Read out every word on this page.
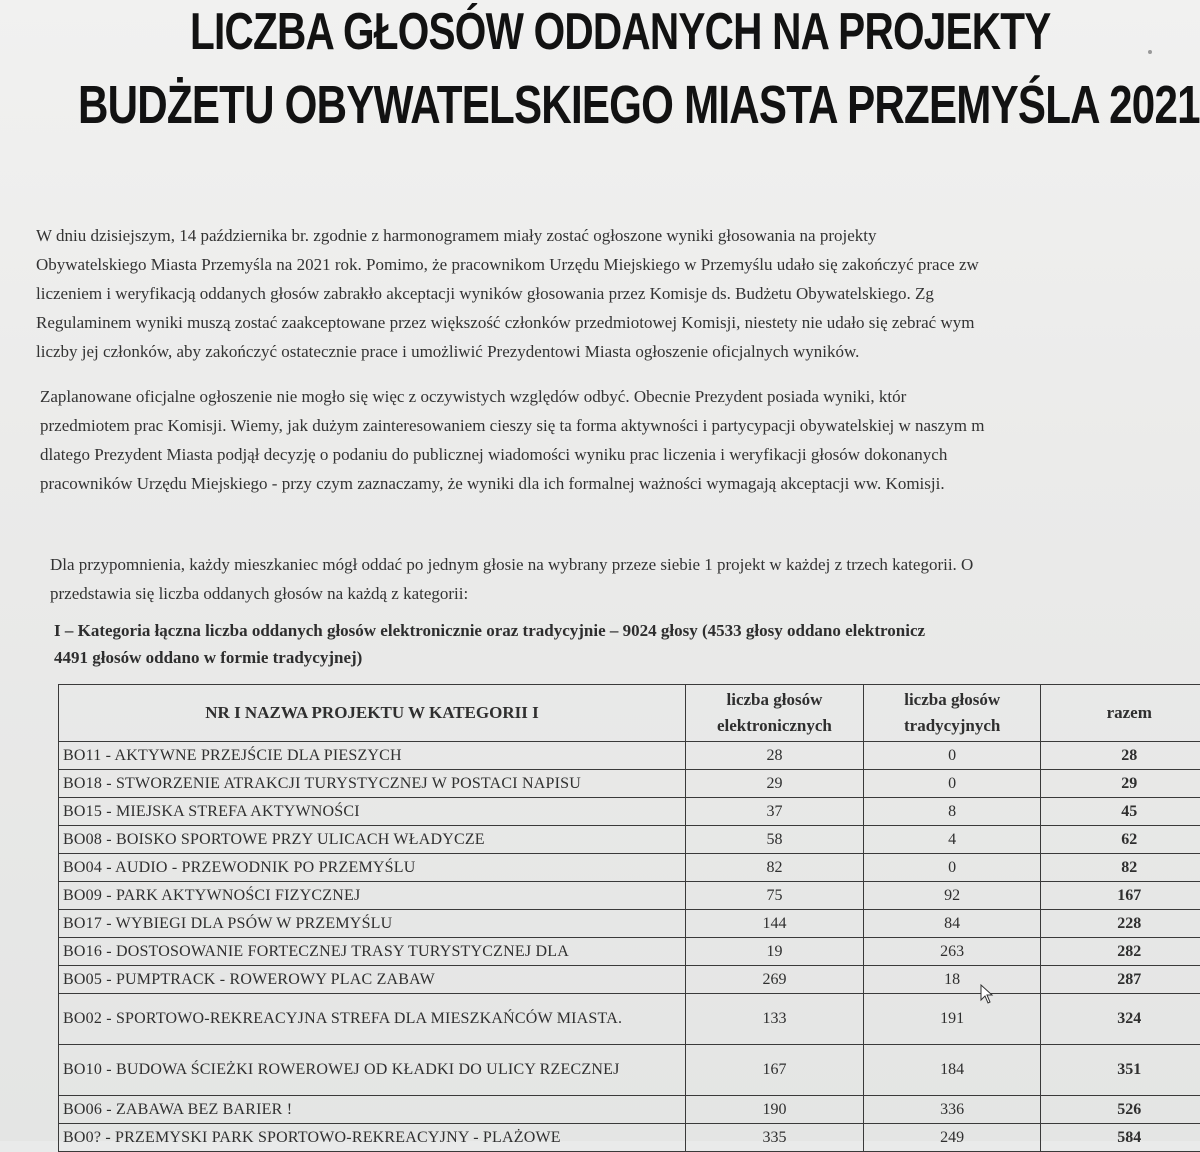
LICZBA GŁOSÓW ODDANYCH NA PROJEKTY
BUDŻETU OBYWATELSKIEGO MIASTA PRZEMYŚLA 2021
W dniu dzisiejszym, 14 października br. zgodnie z harmonogramem miały zostać ogłoszone wyniki głosowania na projekty
Obywatelskiego Miasta Przemyśla na 2021 rok. Pomimo, że pracownikom Urzędu Miejskiego w Przemyślu udało się zakończyć prace zw
liczeniem i weryfikacją oddanych głosów zabrakło akceptacji wyników głosowania przez Komisje ds. Budżetu Obywatelskiego. Zg
Regulaminem wyniki muszą zostać zaakceptowane przez większość członków przedmiotowej Komisji, niestety nie udało się zebrać wym
liczby jej członków, aby zakończyć ostatecznie prace i umożliwić Prezydentowi Miasta ogłoszenie oficjalnych wyników.
Zaplanowane oficjalne ogłoszenie nie mogło się więc z oczywistych względów odbyć. Obecnie Prezydent posiada wyniki, któr
przedmiotem prac Komisji. Wiemy, jak dużym zainteresowaniem cieszy się ta forma aktywności i partycypacji obywatelskiej w naszym m
dlatego Prezydent Miasta podjął decyzję o podaniu do publicznej wiadomości wyniku prac liczenia i weryfikacji głosów dokonanych
pracowników Urzędu Miejskiego - przy czym zaznaczamy, że wyniki dla ich formalnej ważności wymagają akceptacji ww. Komisji.
Dla przypomnienia, każdy mieszkaniec mógł oddać po jednym głosie na wybrany przeze siebie 1 projekt w każdej z trzech kategorii. O
przedstawia się liczba oddanych głosów na każdą z kategorii:
I – Kategoria łączna liczba oddanych głosów elektronicznie oraz tradycyjnie – 9024 głosy (4533 głosy oddano elektronicz
4491 głosów oddano w formie tradycyjnej)
NR I NAZWA PROJEKTU W KATEGORII I	liczba głosów elektronicznych	liczba głosów tradycyjnych	razem
BO11 - AKTYWNE PRZEJŚCIE DLA PIESZYCH	28	0	28
BO18 - STWORZENIE ATRAKCJI TURYSTYCZNEJ W POSTACI NAPISU	29	0	29
BO15 - MIEJSKA STREFA AKTYWNOŚCI	37	8	45
BO08 - BOISKO SPORTOWE PRZY ULICACH WŁADYCZE	58	4	62
BO04 - AUDIO - PRZEWODNIK PO PRZEMYŚLU	82	0	82
BO09 - PARK AKTYWNOŚCI FIZYCZNEJ	75	92	167
BO17 - WYBIEGI DLA PSÓW W PRZEMYŚLU	144	84	228
BO16 - DOSTOSOWANIE FORTECZNEJ TRASY TURYSTYCZNEJ DLA	19	263	282
BO05 - PUMPTRACK - ROWEROWY PLAC ZABAW	269	18	287
BO02 - SPORTOWO-REKREACYJNA STREFA DLA MIESZKAŃCÓW MIASTA.	133	191	324
BO10 - BUDOWA ŚCIEŻKI ROWEROWEJ OD KŁADKI DO ULICY RZECZNEJ	167	184	351
BO06 - ZABAWA BEZ BARIER !	190	336	526
BO0? - PRZEMYSKI PARK SPORTOWO-REKREACYJNY - PLAŻOWE	335	249	584
